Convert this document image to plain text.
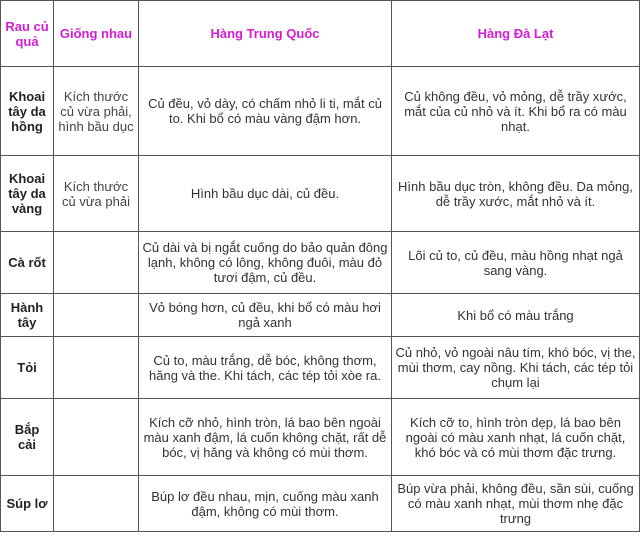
Rau củ quả	Giống nhau	Hàng Trung Quốc	Hàng Đà Lạt
Khoai tây da hồng	Kích thước củ vừa phải, hình bầu dục	Củ đều, vỏ dày, có chấm nhỏ li ti, mắt củ to. Khi bổ có màu vàng đậm hơn.	Củ không đều, vỏ mỏng, dễ trầy xước, mắt của củ nhỏ và ít. Khi bổ ra có màu nhạt.
Khoai tây da vàng	Kích thước củ vừa phải	Hình bầu dục dài, củ đều.	Hình bầu dục tròn, không đều. Da mỏng, dễ trầy xước, mắt nhỏ và ít.
Cà rốt		Củ dài và bị ngắt cuống do bảo quản đông lạnh, không có lông, không đuôi, màu đỏ tươi đậm, củ đều.	Lõi củ to, củ đều, màu hồng nhạt ngả sang vàng.
Hành tây		Vỏ bóng hơn, củ đều, khi bổ có màu hơi ngả xanh	Khi bổ có màu trắng
Tỏi		Củ to, màu trắng, dễ bóc, không thơm, hăng và the. Khi tách, các tép tỏi xòe ra.	Củ nhỏ, vỏ ngoài nâu tím, khó bóc, vị the, mùi thơm, cay nồng. Khi tách, các tép tỏi chụm lại
Bắp cải		Kích cỡ nhỏ, hình tròn, lá bao bên ngoài màu xanh đậm, lá cuốn không chặt, rất dễ bóc, vị hăng và không có mùi thơm.	Kích cỡ to, hình tròn dẹp, lá bao bên ngoài có màu xanh nhạt, lá cuốn chặt, khó bóc và có mùi thơm đặc trưng.
Súp lơ		Búp lơ đều nhau, mịn, cuống màu xanh đậm, không có mùi thơm.	Búp vừa phải, không đều, sần sùi, cuống có màu xanh nhạt, mùi thơm nhẹ đặc trưng
